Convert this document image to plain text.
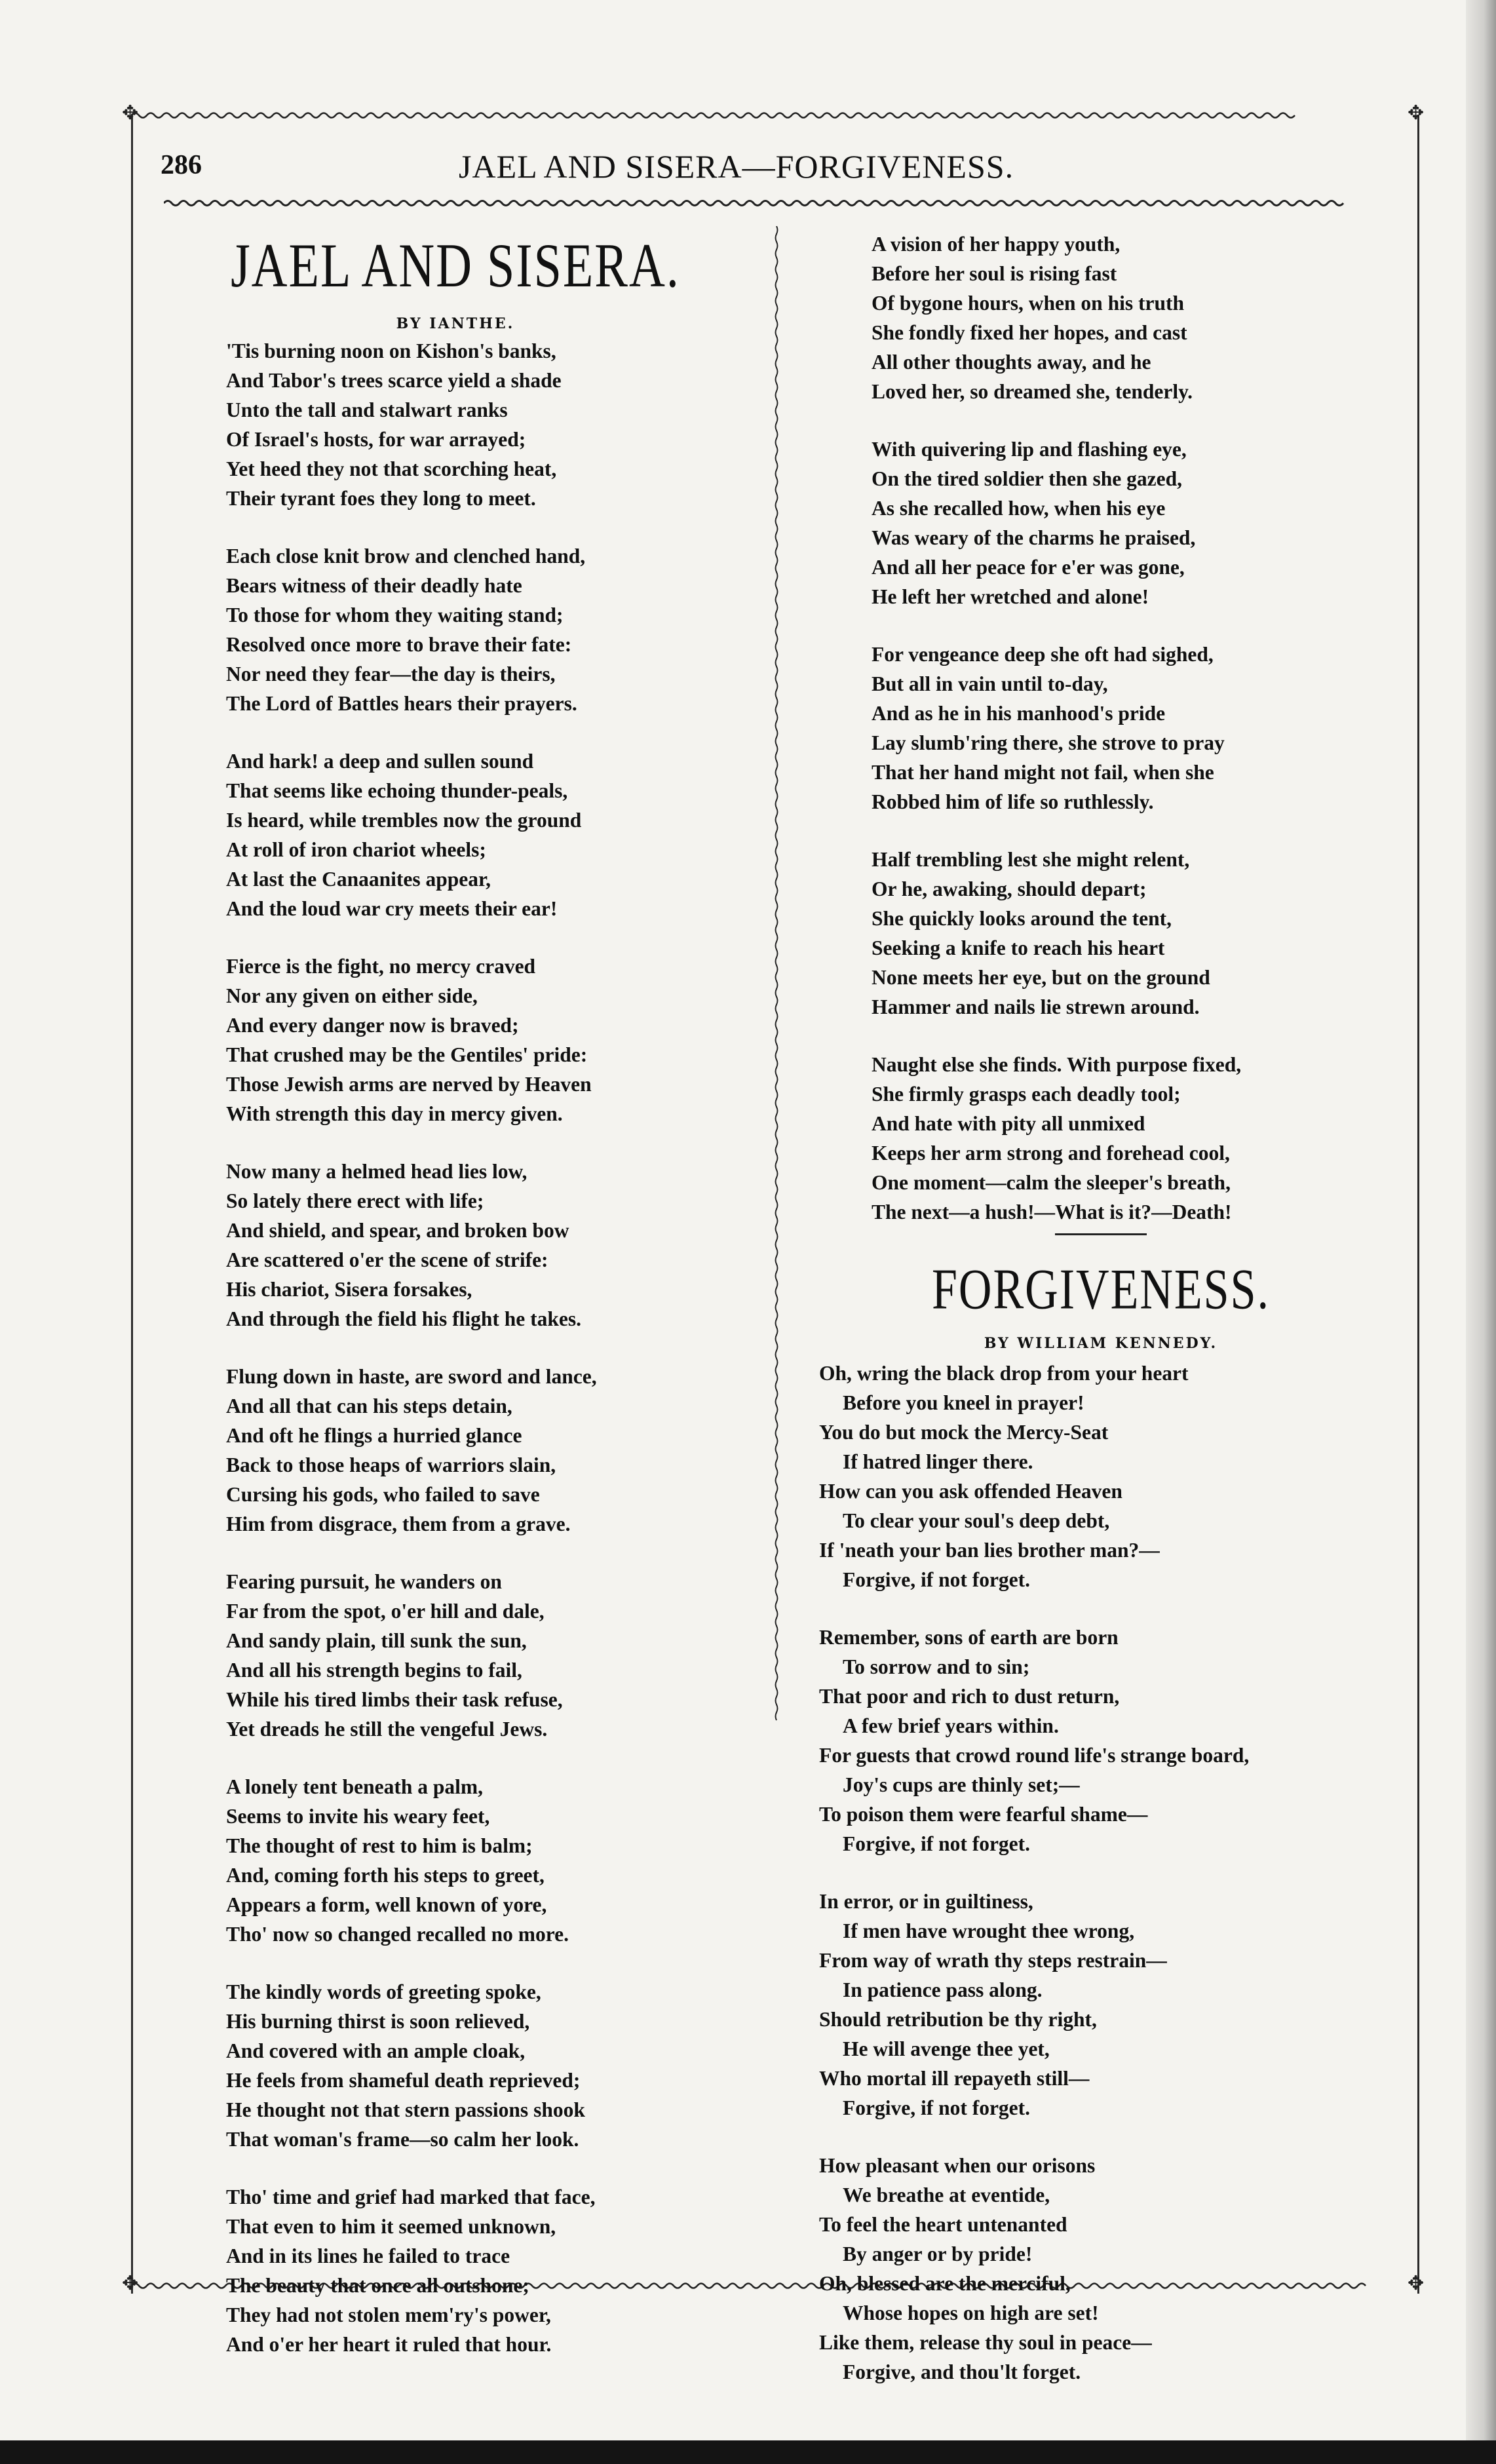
✥	✥
✥	✥
286	JAEL AND SISERA—FORGIVENESS.
JAEL AND SISERA.
BY IANTHE.
'Tis burning noon on Kishon's banks,
And Tabor's trees scarce yield a shade
Unto the tall and stalwart ranks
Of Israel's hosts, for war arrayed;
Yet heed they not that scorching heat,
Their tyrant foes they long to meet.
Each close knit brow and clenched hand,
Bears witness of their deadly hate
To those for whom they waiting stand;
Resolved once more to brave their fate:
Nor need they fear—the day is theirs,
The Lord of Battles hears their prayers.
And hark! a deep and sullen sound
That seems like echoing thunder-peals,
Is heard, while trembles now the ground
At roll of iron chariot wheels;
At last the Canaanites appear,
And the loud war cry meets their ear!
Fierce is the fight, no mercy craved
Nor any given on either side,
And every danger now is braved;
That crushed may be the Gentiles' pride:
Those Jewish arms are nerved by Heaven
With strength this day in mercy given.
Now many a helmed head lies low,
So lately there erect with life;
And shield, and spear, and broken bow
Are scattered o'er the scene of strife:
His chariot, Sisera forsakes,
And through the field his flight he takes.
Flung down in haste, are sword and lance,
And all that can his steps detain,
And oft he flings a hurried glance
Back to those heaps of warriors slain,
Cursing his gods, who failed to save
Him from disgrace, them from a grave.
Fearing pursuit, he wanders on
Far from the spot, o'er hill and dale,
And sandy plain, till sunk the sun,
And all his strength begins to fail,
While his tired limbs their task refuse,
Yet dreads he still the vengeful Jews.
A lonely tent beneath a palm,
Seems to invite his weary feet,
The thought of rest to him is balm;
And, coming forth his steps to greet,
Appears a form, well known of yore,
Tho' now so changed recalled no more.
The kindly words of greeting spoke,
His burning thirst is soon relieved,
And covered with an ample cloak,
He feels from shameful death reprieved;
He thought not that stern passions shook
That woman's frame—so calm her look.
Tho' time and grief had marked that face,
That even to him it seemed unknown,
And in its lines he failed to trace
The beauty that once all outshone;
They had not stolen mem'ry's power,
And o'er her heart it ruled that hour.
A vision of her happy youth,
Before her soul is rising fast
Of bygone hours, when on his truth
She fondly fixed her hopes, and cast
All other thoughts away, and he
Loved her, so dreamed she, tenderly.
With quivering lip and flashing eye,
On the tired soldier then she gazed,
As she recalled how, when his eye
Was weary of the charms he praised,
And all her peace for e'er was gone,
He left her wretched and alone!
For vengeance deep she oft had sighed,
But all in vain until to-day,
And as he in his manhood's pride
Lay slumb'ring there, she strove to pray
That her hand might not fail, when she
Robbed him of life so ruthlessly.
Half trembling lest she might relent,
Or he, awaking, should depart;
She quickly looks around the tent,
Seeking a knife to reach his heart
None meets her eye, but on the ground
Hammer and nails lie strewn around.
Naught else she finds. With purpose fixed,
She firmly grasps each deadly tool;
And hate with pity all unmixed
Keeps her arm strong and forehead cool,
One moment—calm the sleeper's breath,
The next—a hush!—What is it?—Death!
FORGIVENESS.
BY WILLIAM KENNEDY.
Oh, wring the black drop from your heart
Before you kneel in prayer!
You do but mock the Mercy-Seat
If hatred linger there.
How can you ask offended Heaven
To clear your soul's deep debt,
If 'neath your ban lies brother man?—
Forgive, if not forget.
Remember, sons of earth are born
To sorrow and to sin;
That poor and rich to dust return,
A few brief years within.
For guests that crowd round life's strange board,
Joy's cups are thinly set;—
To poison them were fearful shame—
Forgive, if not forget.
In error, or in guiltiness,
If men have wrought thee wrong,
From way of wrath thy steps restrain—
In patience pass along.
Should retribution be thy right,
He will avenge thee yet,
Who mortal ill repayeth still—
Forgive, if not forget.
How pleasant when our orisons
We breathe at eventide,
To feel the heart untenanted
By anger or by pride!
Oh, blessed are the merciful,
Whose hopes on high are set!
Like them, release thy soul in peace—
Forgive, and thou'lt forget.
